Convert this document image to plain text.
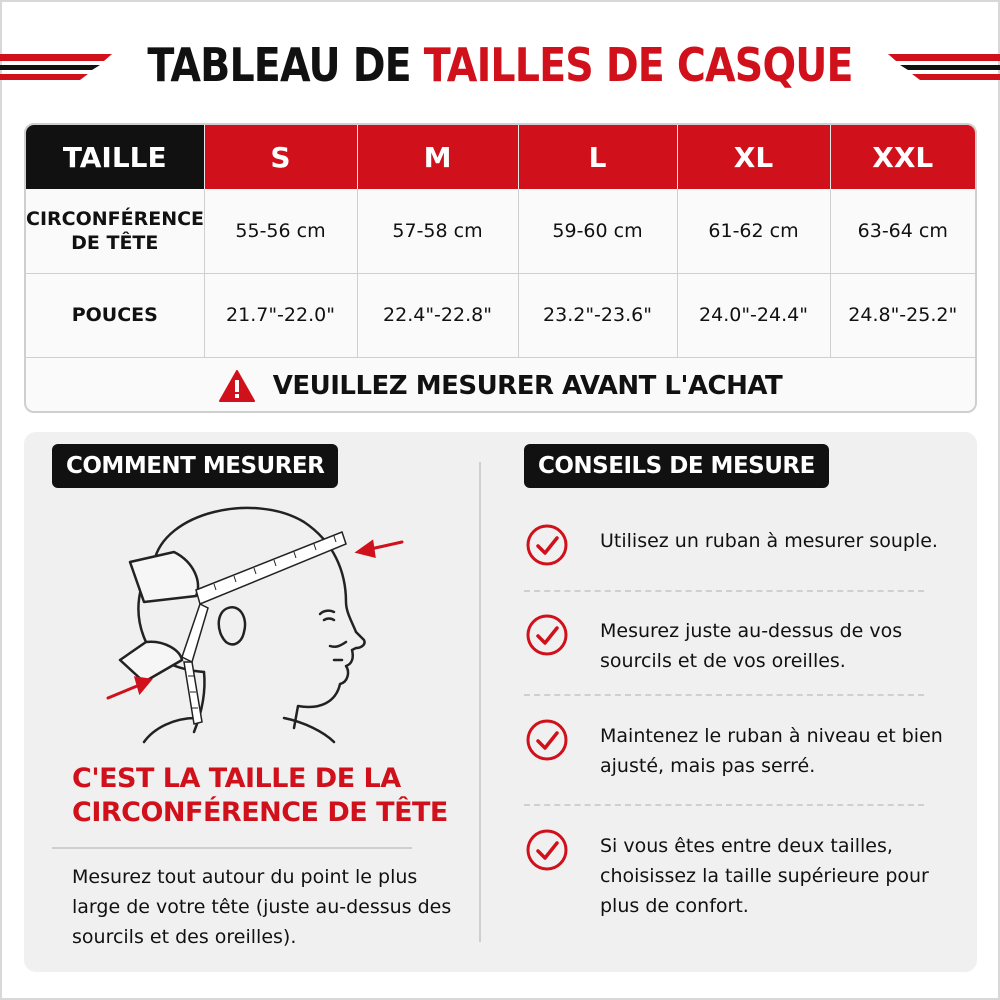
TABLEAU DE TAILLES DE CASQUE
TAILLE	S	M	L	XL	XXL
CIRCONFÉRENCE
DE TÊTE	55-56 cm	57-58 cm	59-60 cm	61-62 cm	63-64 cm
POUCES	21.7"-22.0"	22.4"-22.8"	23.2"-23.6"	24.0"-24.4"	24.8"-25.2"
VEUILLEZ MESURER AVANT L'ACHAT
COMMENT MESURER	CONSEILS DE MESURE
C'EST LA TAILLE DE LA
CIRCONFÉRENCE DE TÊTE
Mesurez tout autour du point le plus large de votre tête (juste au-dessus des sourcils et des oreilles).
Utilisez un ruban à mesurer souple.
Mesurez juste au-dessus de vos sourcils et de vos oreilles.
Maintenez le ruban à niveau et bien ajusté, mais pas serré.
Si vous êtes entre deux tailles, choisissez la taille supérieure pour plus de confort.
